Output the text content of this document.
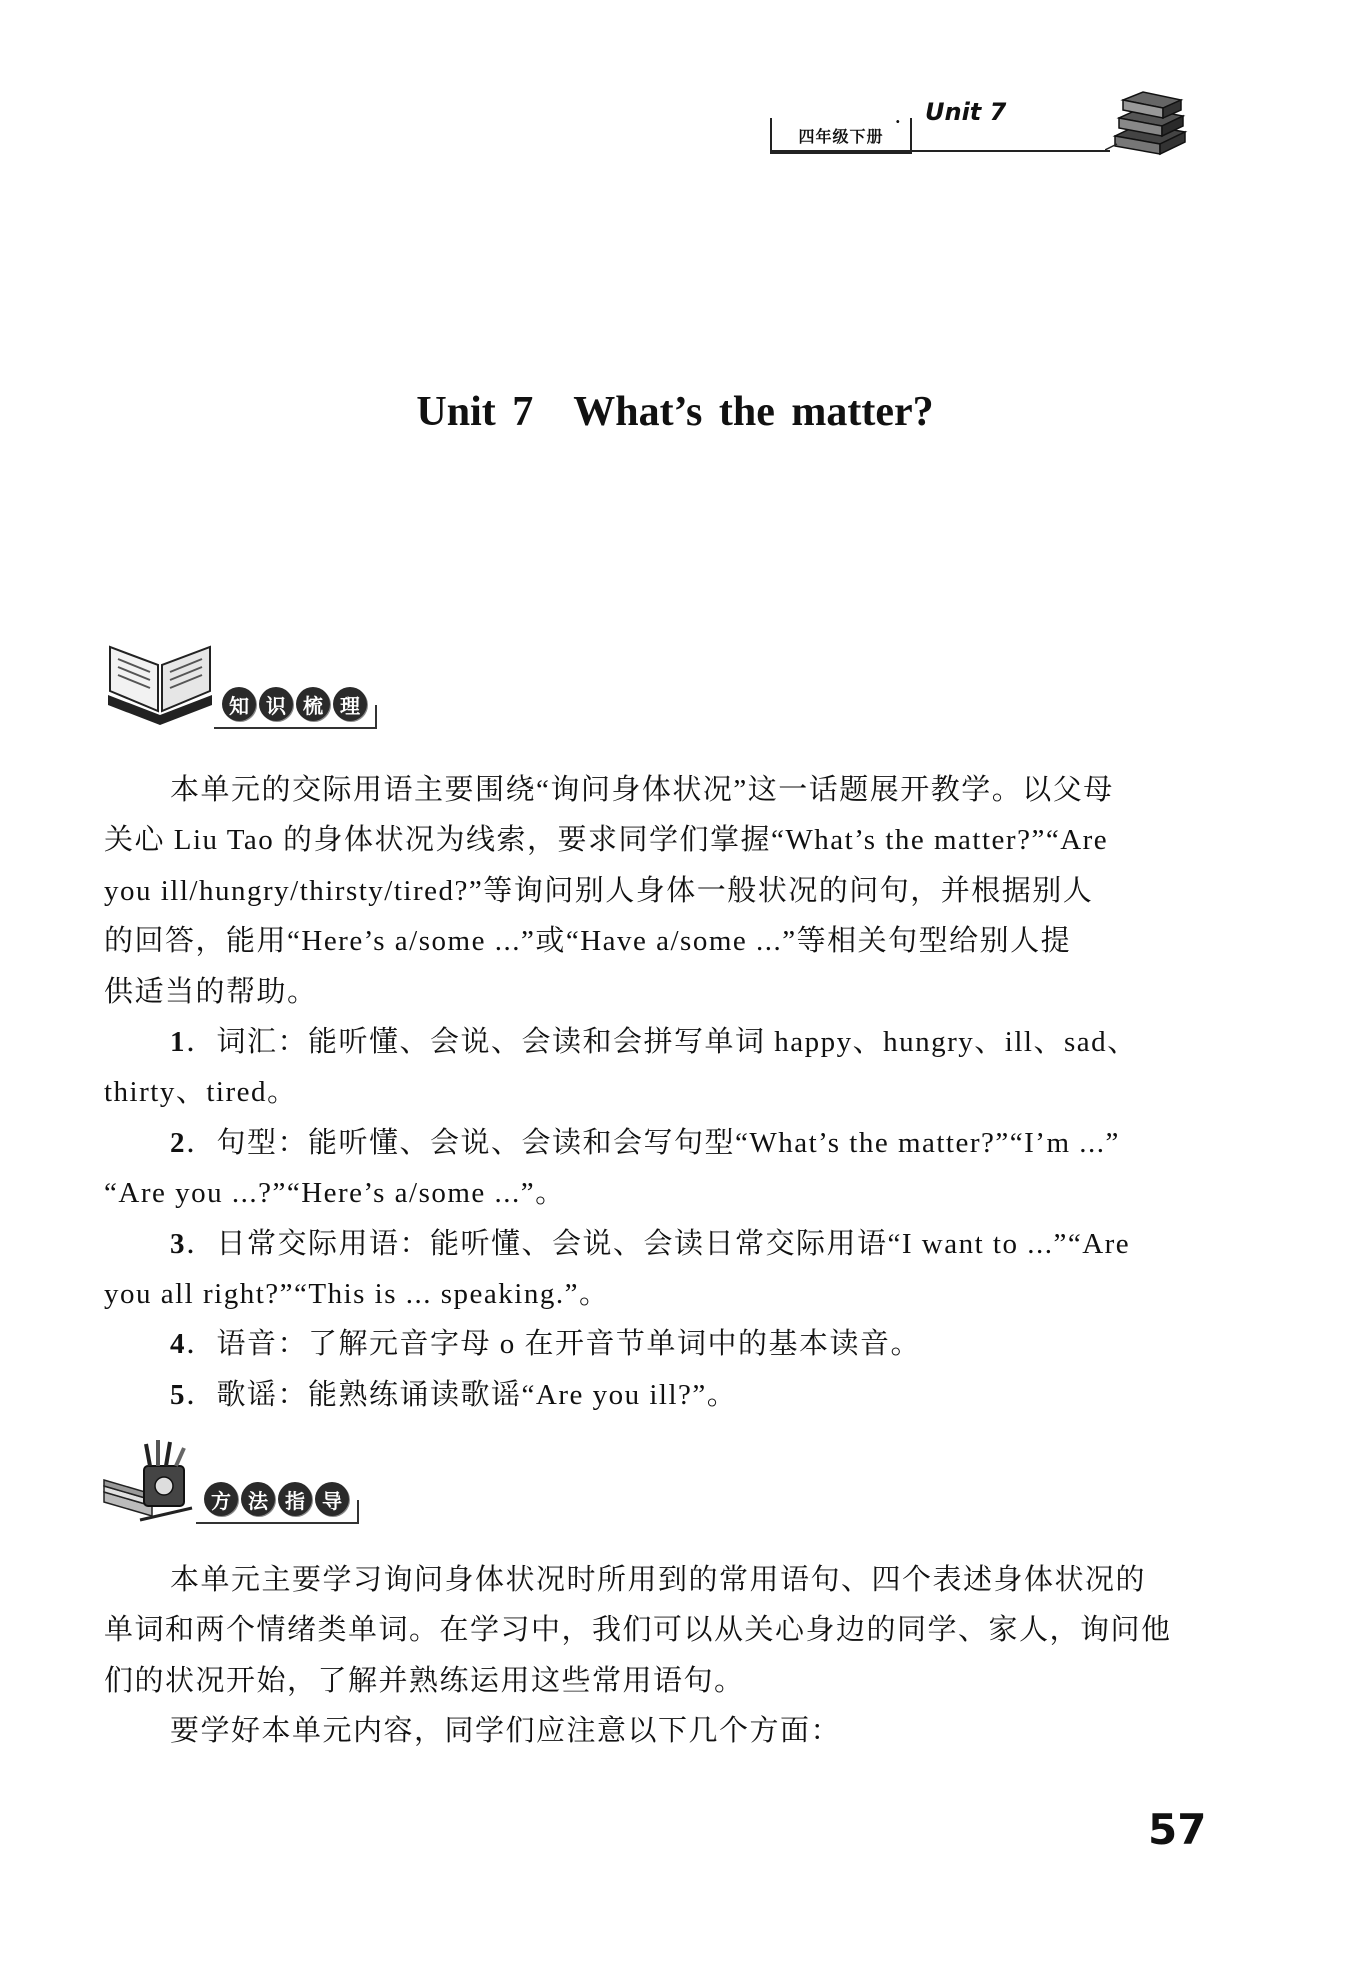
四年级下册
· Unit 7
Unit 7 What’s the matter?
知 识 梳 理
本单元的交际用语主要围绕“询问身体状况”这一话题展开教学。以父母
关心 Liu Tao 的身体状况为线索，要求同学们掌握“What’s the matter?”“Are
you ill/hungry/thirsty/tired?”等询问别人身体一般状况的问句，并根据别人
的回答，能用“Here’s a/some ...”或“Have a/some ...”等相关句型给别人提
供适当的帮助。
1．词汇：能听懂、会说、会读和会拼写单词 happy、hungry、ill、sad、
thirty、tired。
2．句型：能听懂、会说、会读和会写句型“What’s the matter?”“I’m ...”
“Are you ...?”“Here’s a/some ...”。
3．日常交际用语：能听懂、会说、会读日常交际用语“I want to ...”“Are
you all right?”“This is ... speaking.”。
4．语音：了解元音字母 o 在开音节单词中的基本读音。
5．歌谣：能熟练诵读歌谣“Are you ill?”。
方 法 指 导
本单元主要学习询问身体状况时所用到的常用语句、四个表述身体状况的
单词和两个情绪类单词。在学习中，我们可以从关心身边的同学、家人，询问他
们的状况开始，了解并熟练运用这些常用语句。
要学好本单元内容，同学们应注意以下几个方面：
57
